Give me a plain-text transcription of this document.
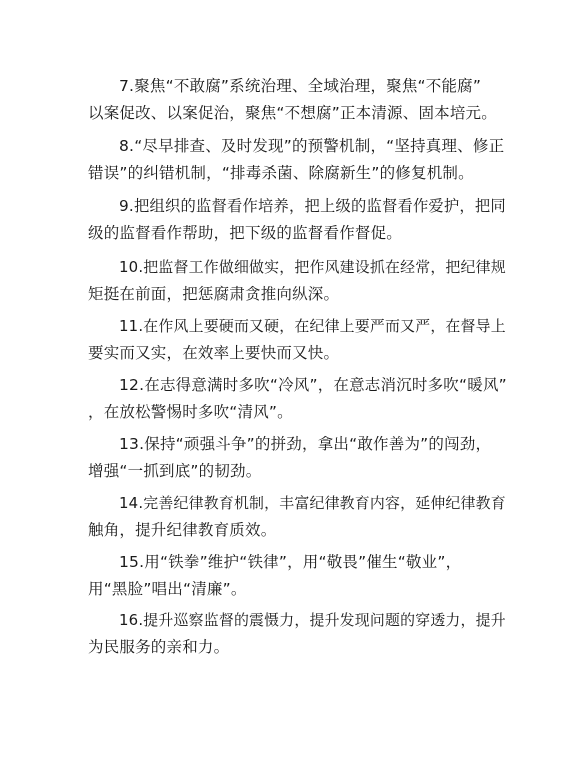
7.聚焦“不敢腐”系统治理、全域治理，聚焦“不能腐”
以案促改、以案促治，聚焦“不想腐”正本清源、固本培元。
8.“尽早排查、及时发现”的预警机制，“坚持真理、修正
错误”的纠错机制，“排毒杀菌、除腐新生”的修复机制。
9.把组织的监督看作培养，把上级的监督看作爱护，把同
级的监督看作帮助，把下级的监督看作督促。
10.把监督工作做细做实，把作风建设抓在经常，把纪律规
矩挺在前面，把惩腐肃贪推向纵深。
11.在作风上要硬而又硬，在纪律上要严而又严，在督导上
要实而又实，在效率上要快而又快。
12.在志得意满时多吹“冷风”，在意志消沉时多吹“暖风”
，在放松警惕时多吹“清风”。
13.保持“顽强斗争”的拼劲，拿出“敢作善为”的闯劲，
增强“一抓到底”的韧劲。
14.完善纪律教育机制，丰富纪律教育内容，延伸纪律教育
触角，提升纪律教育质效。
15.用“铁拳”维护“铁律”，用“敬畏”催生“敬业”，
用“黑脸”唱出“清廉”。
16.提升巡察监督的震慑力，提升发现问题的穿透力，提升
为民服务的亲和力。
